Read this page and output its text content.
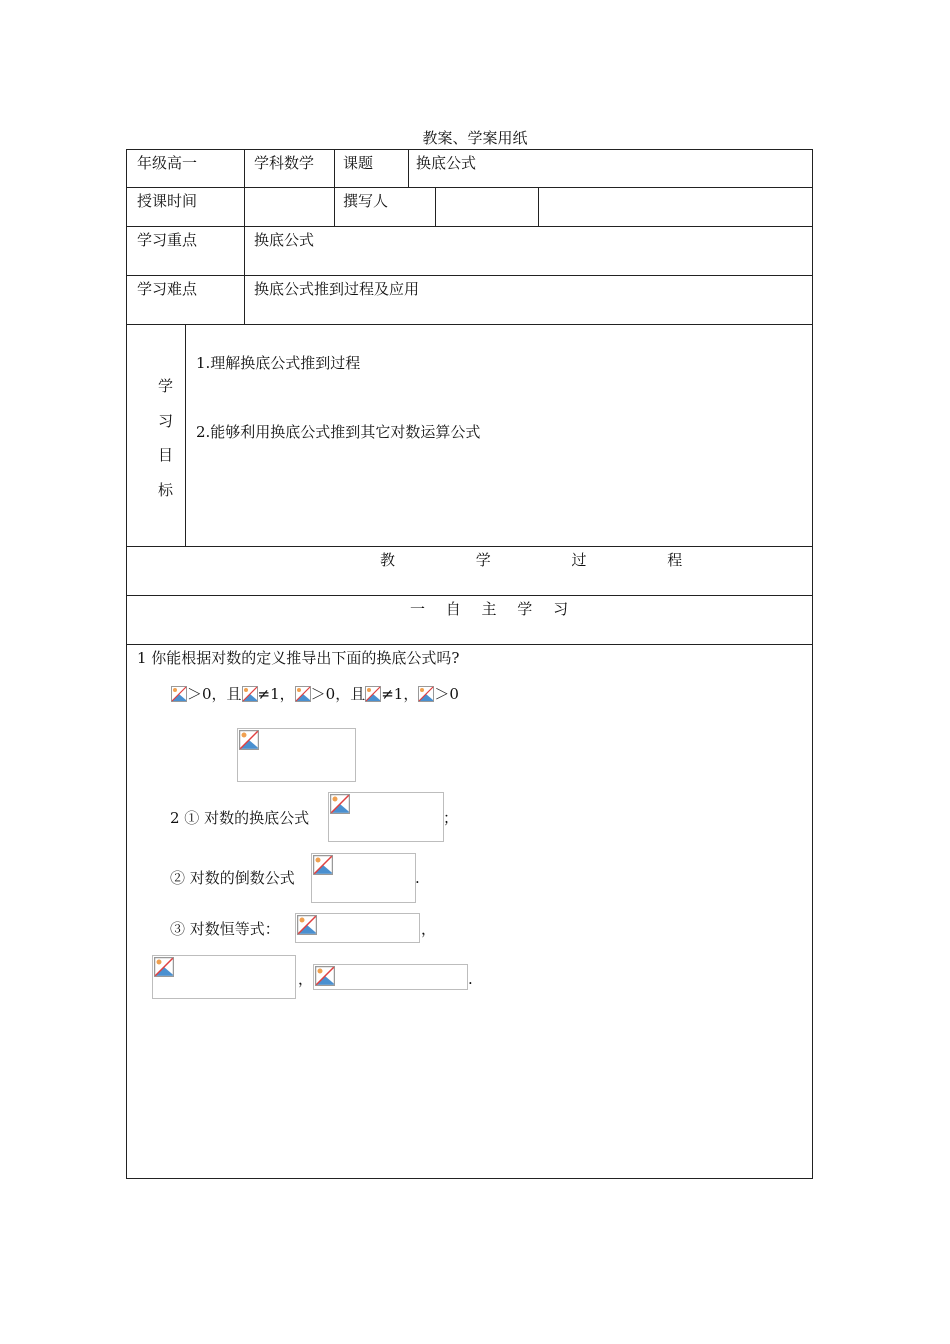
教案、学案用纸
年级高一	学科数学 课题	换底公式
授课时间	撰写人
学习重点	换底公式
学习难点	换底公式推到过程及应用
学
习
目
标
1.理解换底公式推到过程
2.能够利用换底公式推到其它对数运算公式
教 学 过 程
一 自 主 学 习
1 你能根据对数的定义推导出下面的换底公式吗?
＞0，且 ≠1， ＞0，且 ≠1， ＞0
2 ① 对数的换底公式	；
② 对数的倒数公式	.
③ 对数恒等式：	，
，	.
